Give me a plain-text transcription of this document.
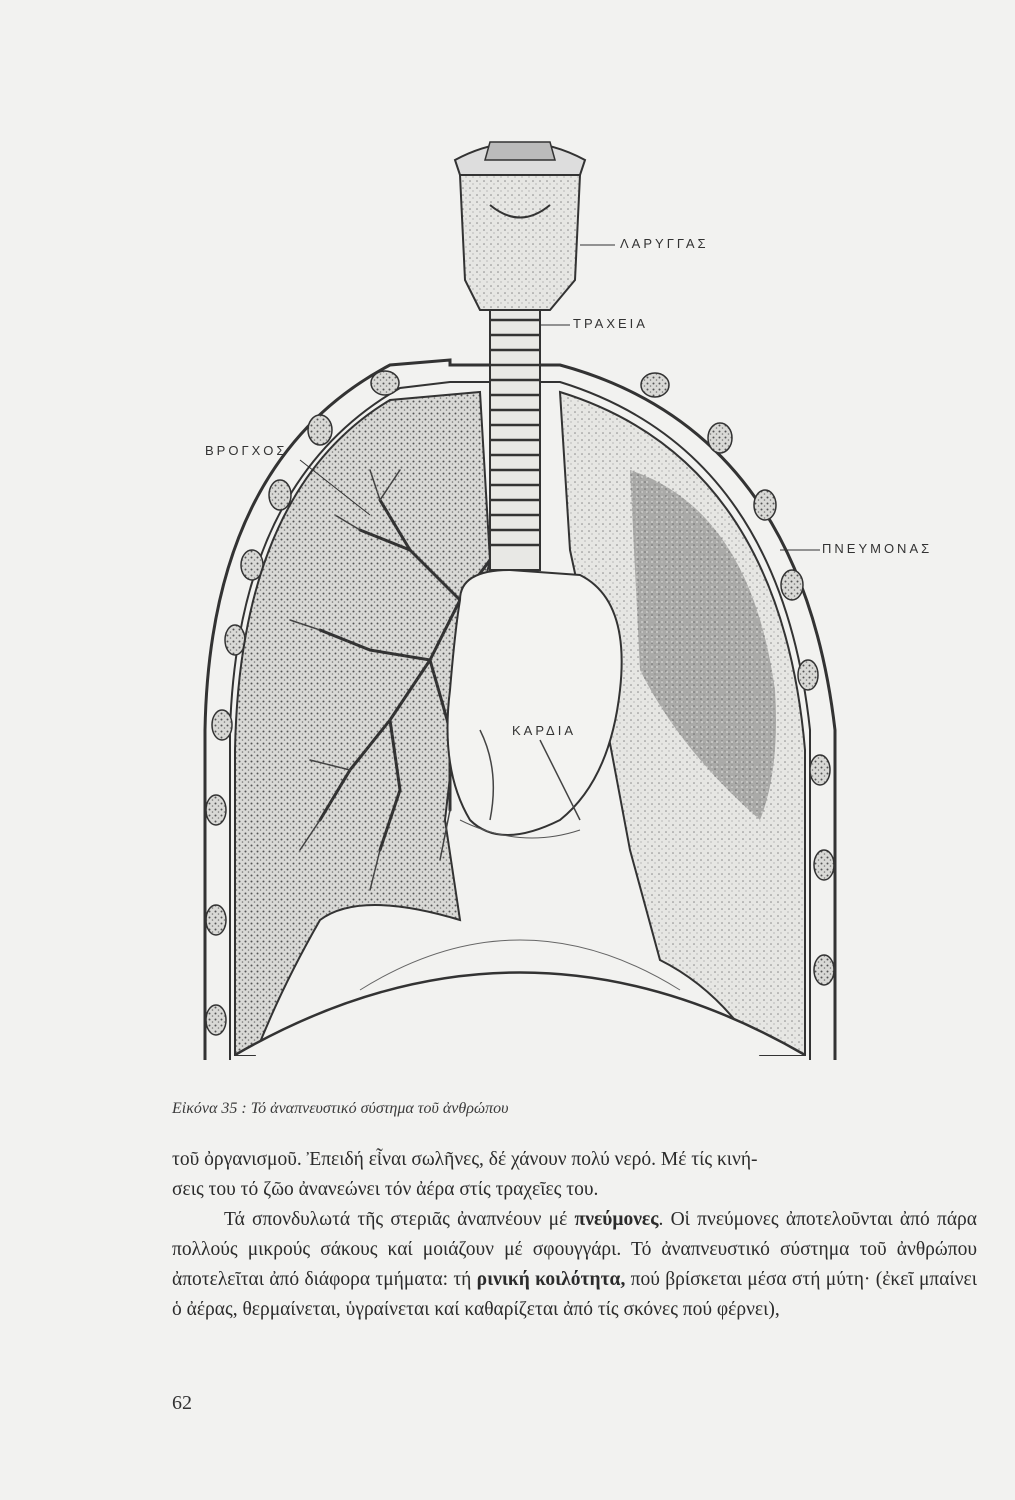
ΛΑΡΥΓΓΑΣ
ΤΡΑΧΕΙΑ
ΒΡΟΓΧΟΣ
ΠΝΕΥΜΟΝΑΣ
ΚΑΡΔΙΑ
Εἰκόνα 35 : Τό ἀναπνευστικό σύστημα τοῦ ἀνθρώπου

τοῦ ὀργανισμοῦ. Ἐπειδή εἶναι σωλῆνες, δέ χάνουν πολύ νερό. Μέ τίς κινή-

σεις του τό ζῶο ἀνανεώνει τόν ἀέρα στίς τραχεῖες του.

Τά σπονδυλωτά τῆς στεριᾶς ἀναπνέουν μέ πνεύμονες. Οἱ πνεύμονες ἀποτελοῦνται ἀπό πάρα πολλούς μικρούς σάκους καί μοιάζουν μέ σφουγγάρι. Τό ἀναπνευστικό σύστημα τοῦ ἀνθρώπου ἀποτελεῖται ἀπό διάφορα τμήματα: τή ρινική κοιλότητα, πού βρίσκεται μέσα στή μύτη· (ἐκεῖ μπαίνει ὁ ἀέρας, θερμαίνεται, ὑγραίνεται καί καθαρίζεται ἀπό τίς σκόνες πού φέρνει),

62
